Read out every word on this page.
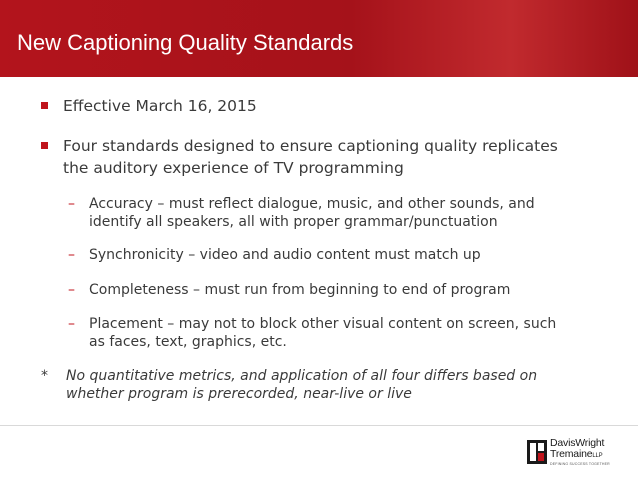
New Captioning Quality Standards
Effective March 16, 2015
Four standards designed to ensure captioning quality replicates
the auditory experience of TV programming
– Accuracy – must reflect dialogue, music, and other sounds, and
identify all speakers, all with proper grammar/punctuation
– Synchronicity – video and audio content must match up
– Completeness – must run from beginning to end of program
– Placement – may not to block other visual content on screen, such
as faces, text, graphics, etc.
* No quantitative metrics, and application of all four differs based on
whether program is prerecorded, near-live or live
DavisWright
TremaineLLP
DEFINING SUCCESS TOGETHER
